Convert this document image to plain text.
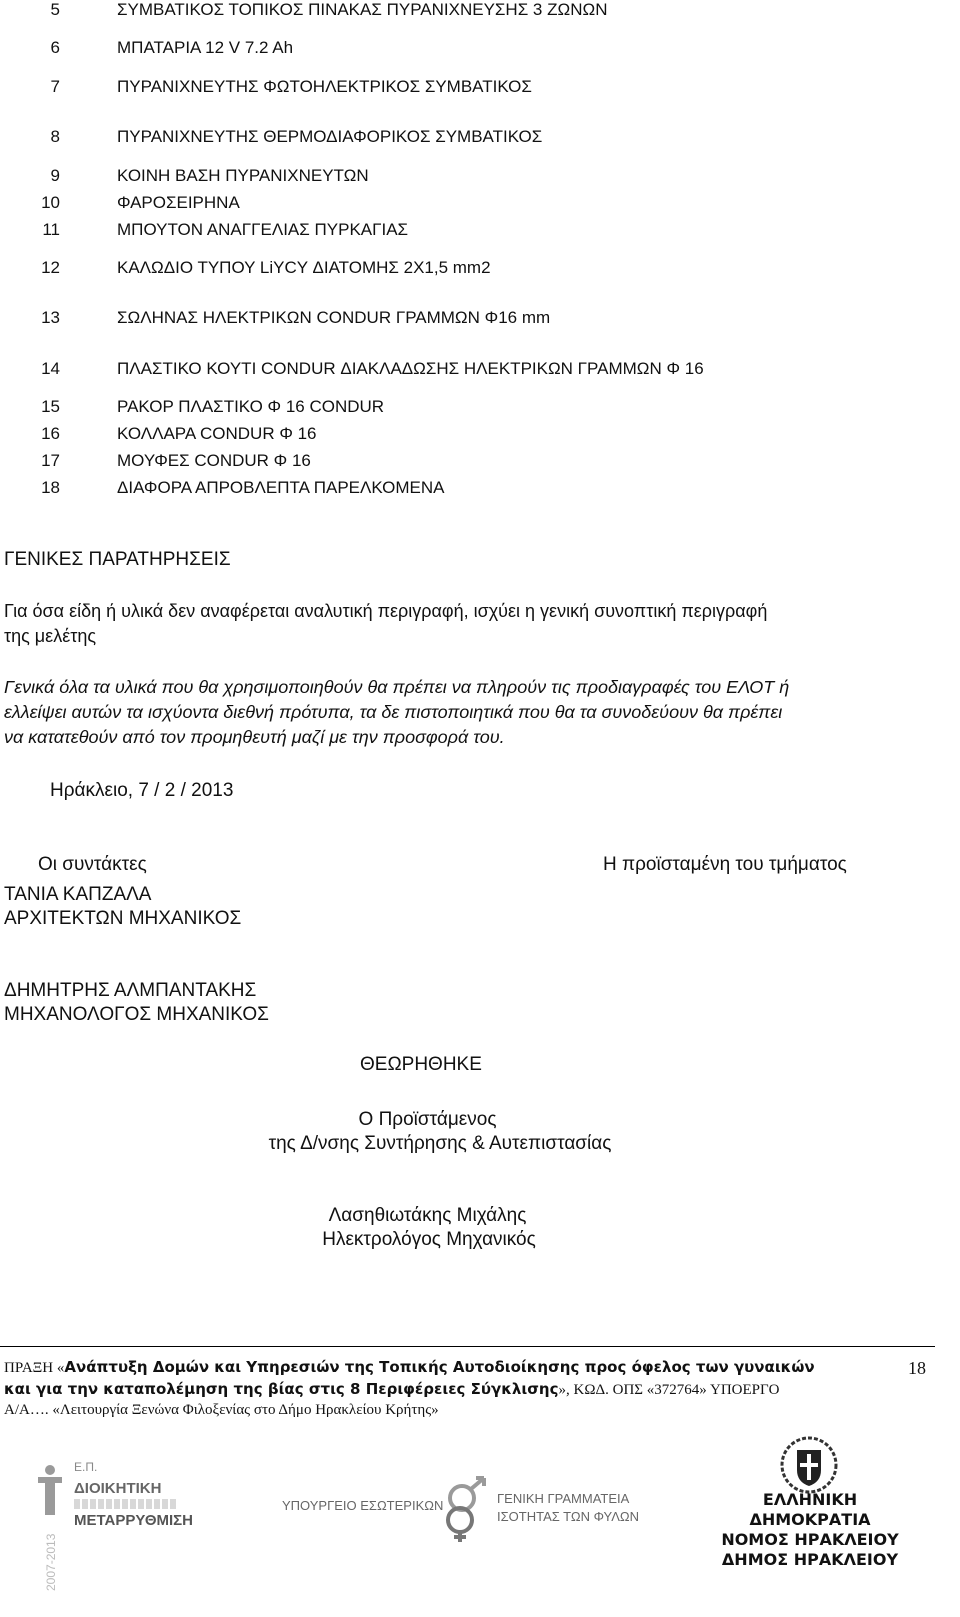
5	ΣΥΜΒΑΤΙΚΟΣ ΤΟΠΙΚΟΣ ΠΙΝΑΚΑΣ ΠΥΡΑΝΙΧΝΕΥΣΗΣ 3 ΖΩΝΩΝ
6	ΜΠΑΤΑΡΙΑ 12 V 7.2 Ah
7	ΠΥΡΑΝΙΧΝΕΥΤΗΣ ΦΩΤΟΗΛΕΚΤΡΙΚΟΣ ΣΥΜΒΑΤΙΚΟΣ
8	ΠΥΡΑΝΙΧΝΕΥΤΗΣ ΘΕΡΜΟΔΙΑΦΟΡΙΚΟΣ ΣΥΜΒΑΤΙΚΟΣ
9	ΚΟΙΝΗ ΒΑΣΗ ΠΥΡΑΝΙΧΝΕΥΤΩΝ
10	ΦΑΡΟΣΕΙΡΗΝΑ
11	ΜΠΟΥΤΟΝ ΑΝΑΓΓΕΛΙΑΣ ΠΥΡΚΑΓΙΑΣ
12	ΚΑΛΩΔΙΟ ΤΥΠΟΥ LiYCY ΔΙΑΤΟΜΗΣ 2Χ1,5 mm2
13	ΣΩΛΗΝΑΣ ΗΛΕΚΤΡΙΚΩΝ CONDUR ΓΡΑΜΜΩΝ Φ16 mm
14	ΠΛΑΣΤΙΚΟ ΚΟΥΤΙ CONDUR ΔΙΑΚΛΑΔΩΣΗΣ ΗΛΕΚΤΡΙΚΩΝ ΓΡΑΜΜΩΝ Φ 16
15	ΡΑΚΟΡ ΠΛΑΣΤΙΚΟ Φ 16 CONDUR
16	ΚΟΛΛΑΡΑ CONDUR Φ 16
17	ΜΟΥΦΕΣ CONDUR Φ 16
18	ΔΙΑΦΟΡΑ ΑΠΡΟΒΛΕΠΤΑ ΠΑΡΕΛΚΟΜΕΝΑ
ΓΕΝΙΚΕΣ ΠΑΡΑΤΗΡΗΣΕΙΣ
Για όσα είδη ή υλικά δεν αναφέρεται αναλυτική περιγραφή, ισχύει η γενική συνοπτική περιγραφή
της μελέτης
Γενικά όλα τα υλικά που θα χρησιμοποιηθούν θα πρέπει να πληρούν τις προδιαγραφές του ΕΛΟΤ ή
ελλείψει αυτών τα ισχύοντα διεθνή πρότυπα, τα δε πιστοποιητικά που θα τα συνοδεύουν θα πρέπει
να κατατεθούν από τον προμηθευτή μαζί με την προσφορά του.
Ηράκλειο, 7 / 2 / 2013
Οι συντάκτες	Η προϊσταμένη του τμήματος
ΤΑΝΙΑ ΚΑΠΖΑΛΑ
ΑΡΧΙΤΕΚΤΩΝ ΜΗΧΑΝΙΚΟΣ
ΔΗΜΗΤΡΗΣ ΑΛΜΠΑΝΤΑΚΗΣ
ΜΗΧΑΝΟΛΟΓΟΣ ΜΗΧΑΝΙΚΟΣ
ΘΕΩΡΗΘΗΚΕ
Ο Προϊστάμενος
της Δ/νσης Συντήρησης & Αυτεπιστασίας
Λασηθιωτάκης Μιχάλης
Ηλεκτρολόγος Μηχανικός
ΠΡΑΞΗ «Ανάπτυξη Δομών και Υπηρεσιών της Τοπικής Αυτοδιοίκησης προς όφελος των γυναικών
και για την καταπολέμηση της βίας στις 8 Περιφέρειες Σύγκλισης», ΚΩΔ. ΟΠΣ «372764» ΥΠΟΕΡΓΟ
Α/Α…. «Λειτουργία Ξενώνα Φιλοξενίας στο Δήμο Ηρακλείου Κρήτης»
18
2007-2013
Ε.Π.
ΔΙΟΙΚΗΤΙΚΗ
ΜΕΤΑΡΡΥΘΜΙΣΗ
ΥΠΟΥΡΓΕΙΟ ΕΣΩΤΕΡΙΚΩΝ	ΓΕΝΙΚΗ ΓΡΑΜΜΑΤΕΙΑ
ΙΣΟΤΗΤΑΣ ΤΩΝ ΦΥΛΩΝ
ΕΛΛΗΝΙΚΗ
ΔΗΜΟΚΡΑΤΙΑ
ΝΟΜΟΣ ΗΡΑΚΛΕΙΟΥ
ΔΗΜΟΣ ΗΡΑΚΛΕΙΟΥ
